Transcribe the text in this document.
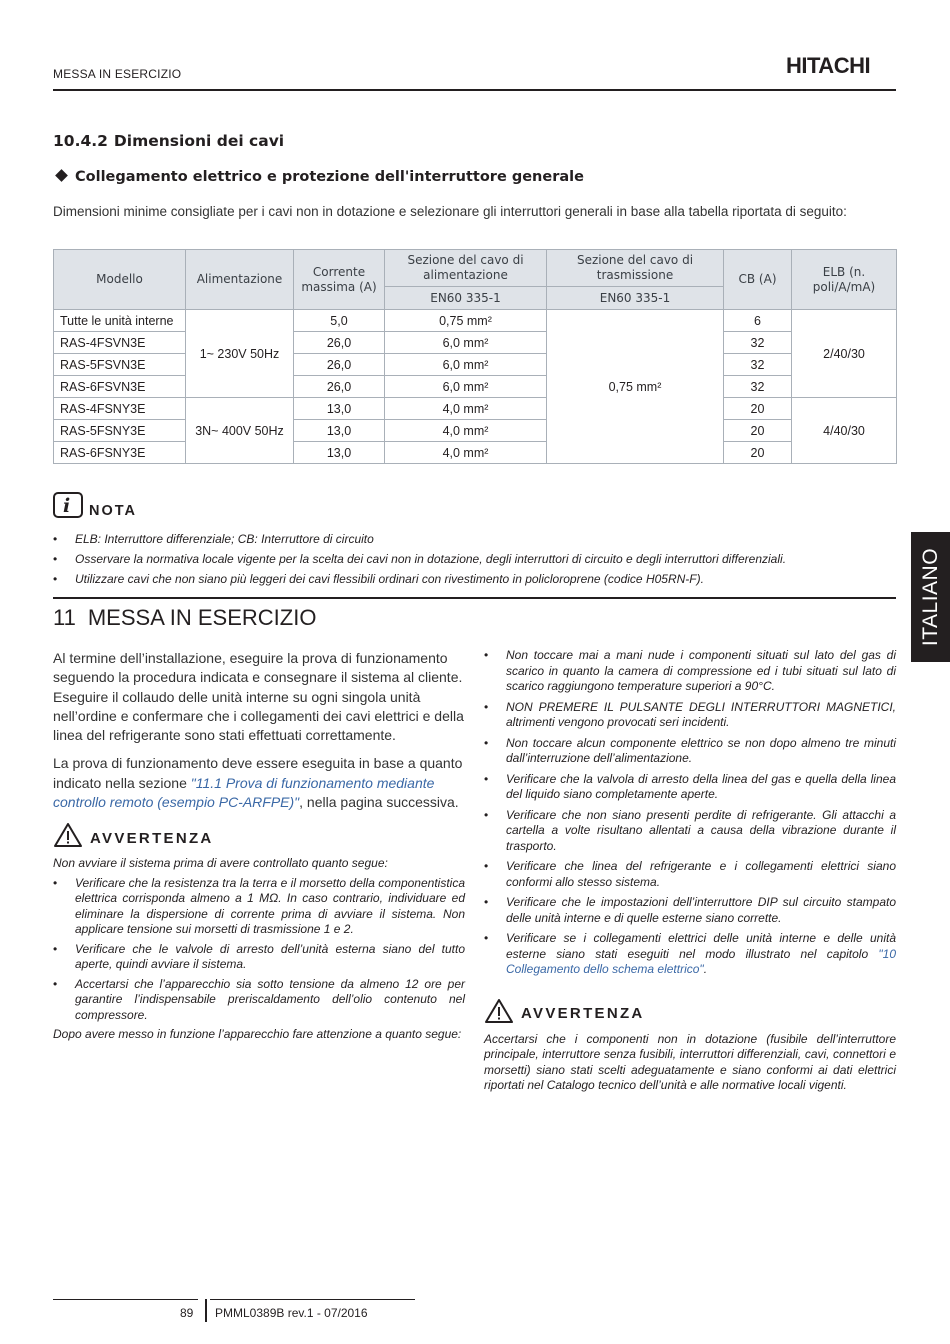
MESSA IN ESERCIZIO	HITACHI
10.4.2 Dimensioni dei cavi
Collegamento elettrico e protezione dell'interruttore generale
Dimensioni minime consigliate per i cavi non in dotazione e selezionare gli interruttori generali in base alla tabella riportata di seguito:
Modello	Alimentazione	Corrente massima (A)	Sezione del cavo di alimentazione	Sezione del cavo di trasmissione	CB (A)	ELB (n. poli/A/mA)
			EN60 335-1	EN60 335-1		
Tutte le unità interne	1~ 230V 50Hz	5,0	0,75 mm²	0,75 mm²	6	2/40/30
RAS-4FSVN3E		26,0	6,0 mm²		32	
RAS-5FSVN3E		26,0	6,0 mm²		32	
RAS-6FSVN3E		26,0	6,0 mm²		32	
RAS-4FSNY3E	3N~ 400V 50Hz	13,0	4,0 mm²		20	4/40/30
RAS-5FSNY3E		13,0	4,0 mm²		20	
RAS-6FSNY3E		13,0	4,0 mm²		20	
i NOTA
• ELB: Interruttore differenziale; CB: Interruttore di circuito
• Osservare la normativa locale vigente per la scelta dei cavi non in dotazione, degli interruttori di circuito e degli interruttori differenziali.
• Utilizzare cavi che non siano più leggeri dei cavi flessibili ordinari con rivestimento in policloroprene (codice H05RN-F).
11 MESSA IN ESERCIZIO	ITALIANO

Al termine dell’installazione, eseguire la prova di funzionamento seguendo la procedura indicata e consegnare il sistema al cliente. Eseguire il collaudo delle unità interne su ogni singola unità nell’ordine e confermare che i collegamenti dei cavi elettrici e della linea del refrigerante sono stati effettuati correttamente.

La prova di funzionamento deve essere eseguita in base a quanto indicato nella sezione "11.1 Prova di funzionamento mediante controllo remoto (esempio PC-ARFPE)", nella pagina successiva.

AVVERTENZA

Non avviare il sistema prima di avere controllato quanto segue:

• Verificare che la resistenza tra la terra e il morsetto della componentistica elettrica corrisponda almeno a 1 MΩ. In caso contrario, individuare ed eliminare la dispersione di corrente prima di avviare il sistema. Non applicare tensione sui morsetti di trasmissione 1 e 2.
• Verificare che le valvole di arresto dell’unità esterna siano del tutto aperte, quindi avviare il sistema.
• Accertarsi che l’apparecchio sia sotto tensione da almeno 12 ore per garantire l’indispensabile preriscaldamento dell’olio contenuto nel compressore.

Dopo avere messo in funzione l’apparecchio fare attenzione a quanto segue:

• Non toccare mai a mani nude i componenti situati sul lato del gas di scarico in quanto la camera di compressione ed i tubi situati sul lato di scarico raggiungono temperature superiori a 90°C.
• NON PREMERE IL PULSANTE DEGLI INTERRUTTORI MAGNETICI, altrimenti vengono provocati seri incidenti.
• Non toccare alcun componente elettrico se non dopo almeno tre minuti dall’interruzione dell’alimentazione.
• Verificare che la valvola di arresto della linea del gas e quella della linea del liquido siano completamente aperte.
• Verificare che non siano presenti perdite di refrigerante. Gli attacchi a cartella a volte risultano allentati a causa della vibrazione durante il trasporto.
• Verificare che linea del refrigerante e i collegamenti elettrici siano conformi allo stesso sistema.
• Verificare che le impostazioni dell’interruttore DIP sul circuito stampato delle unità interne e di quelle esterne siano corrette.
• Verificare se i collegamenti elettrici delle unità interne e delle unità esterne siano stati eseguiti nel modo illustrato nel capitolo "10 Collegamento dello schema elettrico".
AVVERTENZA
Accertarsi che i componenti non in dotazione (fusibile dell’interruttore principale, interruttore senza fusibili, interruttori differenziali, cavi, connettori e morsetti) siano stati scelti adeguatamente e siano conformi ai dati elettrici riportati nel Catalogo tecnico dell’unità e alle normative locali vigenti.
89 PMML0389B rev.1 - 07/2016
